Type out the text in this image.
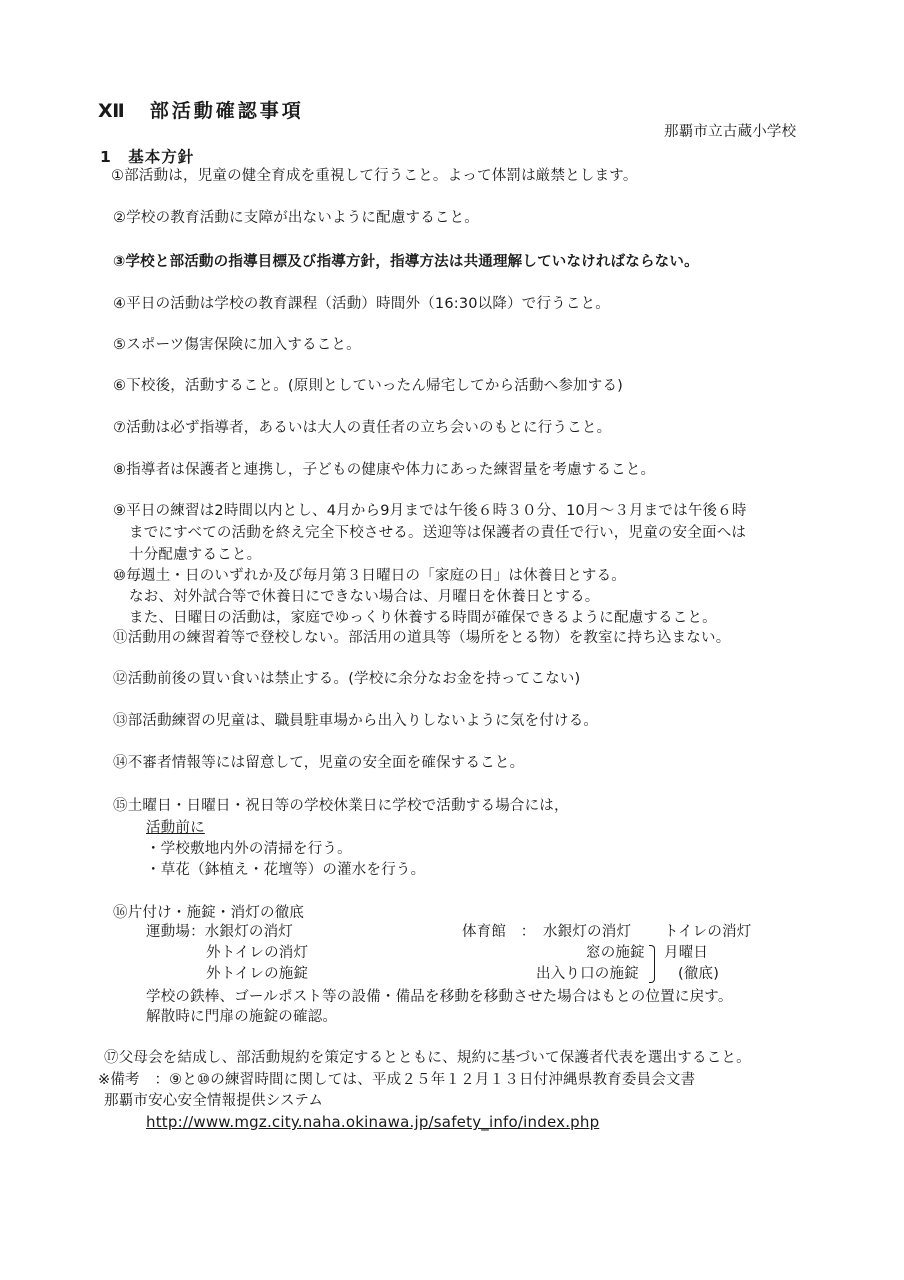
Ⅻ　部活動確認事項
那覇市立古蔵小学校
1　基本方針
①部活動は，児童の健全育成を重視して行うこと。よって体罰は厳禁とします。
②学校の教育活動に支障が出ないように配慮すること。
③学校と部活動の指導目標及び指導方針，指導方法は共通理解していなければならない。
④平日の活動は学校の教育課程（活動）時間外（16:30以降）で行うこと。
⑤スポーツ傷害保険に加入すること。
⑥下校後，活動すること。(原則としていったん帰宅してから活動へ参加する)
⑦活動は必ず指導者，あるいは大人の責任者の立ち会いのもとに行うこと。
⑧指導者は保護者と連携し，子どもの健康や体力にあった練習量を考慮すること。
⑨平日の練習は2時間以内とし、4月から9月までは午後６時３０分、10月～３月までは午後６時
までにすべての活動を終え完全下校させる。送迎等は保護者の責任で行い，児童の安全面へは
十分配慮すること。
⑩毎週土・日のいずれか及び毎月第３日曜日の「家庭の日」は休養日とする。
なお、対外試合等で休養日にできない場合は、月曜日を休養日とする。
また、日曜日の活動は，家庭でゆっくり休養する時間が確保できるように配慮すること。
⑪活動用の練習着等で登校しない。部活用の道具等（場所をとる物）を教室に持ち込まない。
⑫活動前後の買い食いは禁止する。(学校に余分なお金を持ってこない)
⑬部活動練習の児童は、職員駐車場から出入りしないように気を付ける。
⑭不審者情報等には留意して，児童の安全面を確保すること。
⑮土曜日・日曜日・祝日等の学校休業日に学校で活動する場合には，
活動前に
・学校敷地内外の清掃を行う。
・草花（鉢植え・花壇等）の灌水を行う。
⑯片付け・施錠・消灯の徹底
運動場：水銀灯の消灯
外トイレの消灯
外トイレの施錠
体育館　：　水銀灯の消灯 トイレの消灯
窓の施錠
出入り口の施錠
月曜日
(徹底)
学校の鉄棒、ゴールポスト等の設備・備品を移動を移動させた場合はもとの位置に戻す。
解散時に門扉の施錠の確認。
⑰父母会を結成し、部活動規約を策定するとともに、規約に基づいて保護者代表を選出すること。
※備考　：⑨と⑩の練習時間に関しては、平成２５年１２月１３日付沖縄県教育委員会文書
那覇市安心安全情報提供システム
http://www.mgz.city.naha.okinawa.jp/safety_info/index.php
